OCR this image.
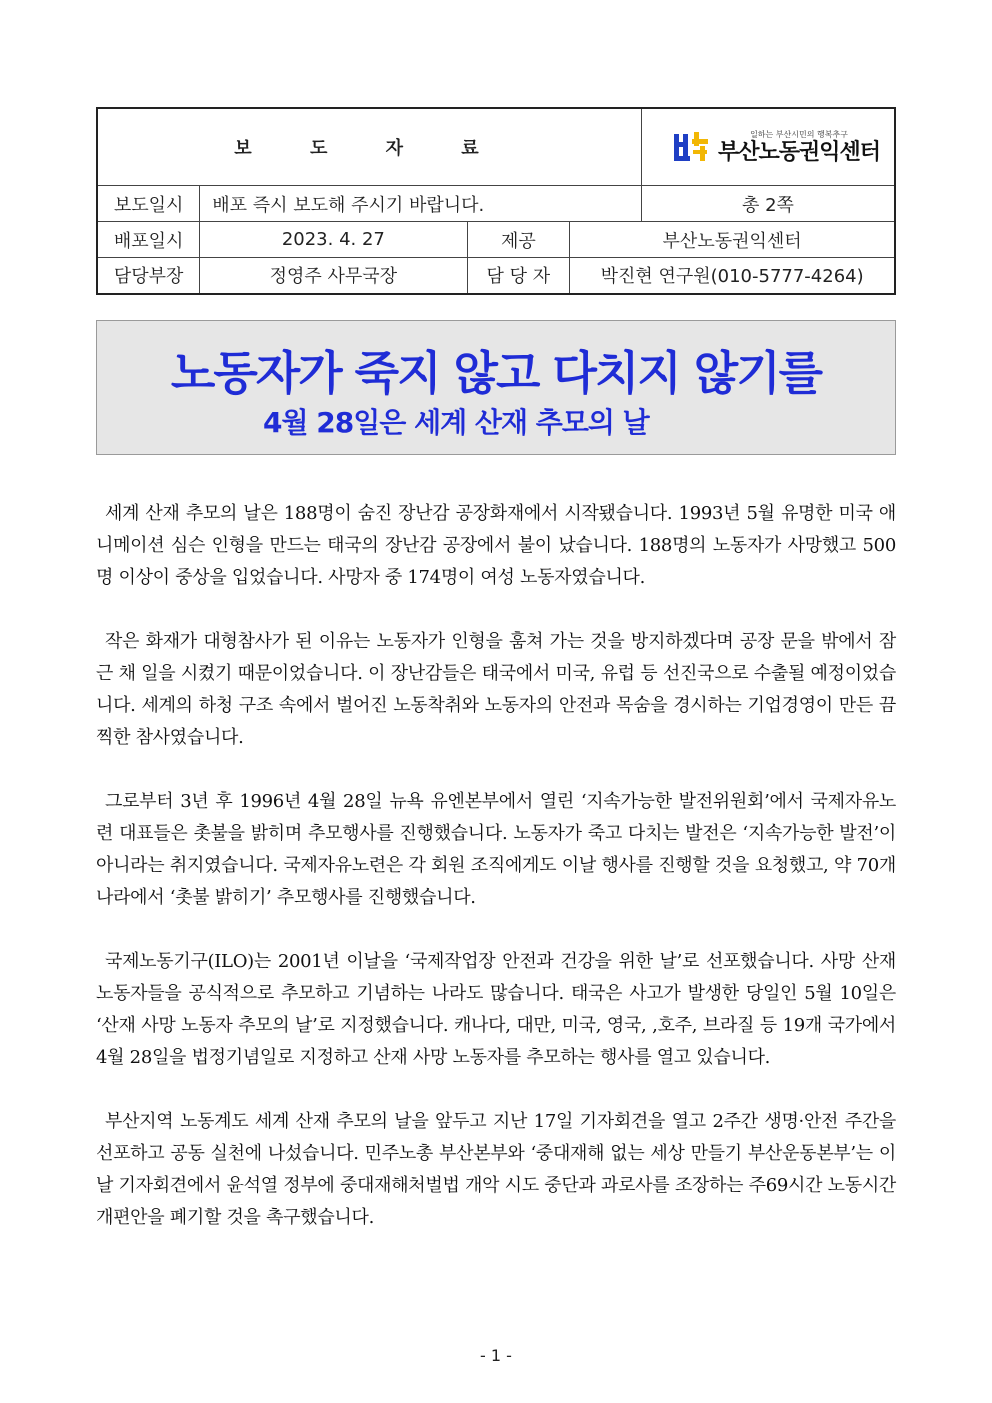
보 도 자 료				일하는 부산시민의 행복추구
부산노동권익센터

보도일시	배포 즉시 보도해 주시기 바랍니다.			총 2쪽
배포일시	2023. 4. 27	제공	부산노동권익센터	
담당부장	정영주 사무국장	담 당 자	박진현 연구원(010-5777-4264)	
노동자가 죽지 않고 다치지 않기를
4월 28일은 세계 산재 추모의 날

세계 산재 추모의 날은 188명이 숨진 장난감 공장화재에서 시작됐습니다. 1993년 5월 유명한 미국 애니메이션 심슨 인형을 만드는 태국의 장난감 공장에서 불이 났습니다. 188명의 노동자가 사망했고 500명 이상이 중상을 입었습니다. 사망자 중 174명이 여성 노동자였습니다.

작은 화재가 대형참사가 된 이유는 노동자가 인형을 훔쳐 가는 것을 방지하겠다며 공장 문을 밖에서 잠근 채 일을 시켰기 때문이었습니다. 이 장난감들은 태국에서 미국, 유럽 등 선진국으로 수출될 예정이었습니다. 세계의 하청 구조 속에서 벌어진 노동착취와 노동자의 안전과 목숨을 경시하는 기업경영이 만든 끔찍한 참사였습니다.

그로부터 3년 후 1996년 4월 28일 뉴욕 유엔본부에서 열린 ‘지속가능한 발전위원회’에서 국제자유노련 대표들은 촛불을 밝히며 추모행사를 진행했습니다. 노동자가 죽고 다치는 발전은 ‘지속가능한 발전’이 아니라는 취지였습니다. 국제자유노련은 각 회원 조직에게도 이날 행사를 진행할 것을 요청했고, 약 70개 나라에서 ‘촛불 밝히기’ 추모행사를 진행했습니다.

국제노동기구(ILO)는 2001년 이날을 ‘국제작업장 안전과 건강을 위한 날’로 선포했습니다. 사망 산재 노동자들을 공식적으로 추모하고 기념하는 나라도 많습니다. 태국은 사고가 발생한 당일인 5월 10일은 ‘산재 사망 노동자 추모의 날’로 지정했습니다. 캐나다, 대만, 미국, 영국, ,호주, 브라질 등 19개 국가에서 4월 28일을 법정기념일로 지정하고 산재 사망 노동자를 추모하는 행사를 열고 있습니다.

부산지역 노동계도 세계 산재 추모의 날을 앞두고 지난 17일 기자회견을 열고 2주간 생명·안전 주간을 선포하고 공동 실천에 나섰습니다. 민주노총 부산본부와 ‘중대재해 없는 세상 만들기 부산운동본부’는 이날 기자회견에서 윤석열 정부에 중대재해처벌법 개악 시도 중단과 과로사를 조장하는 주69시간 노동시간 개편안을 폐기할 것을 촉구했습니다.

- 1 -
